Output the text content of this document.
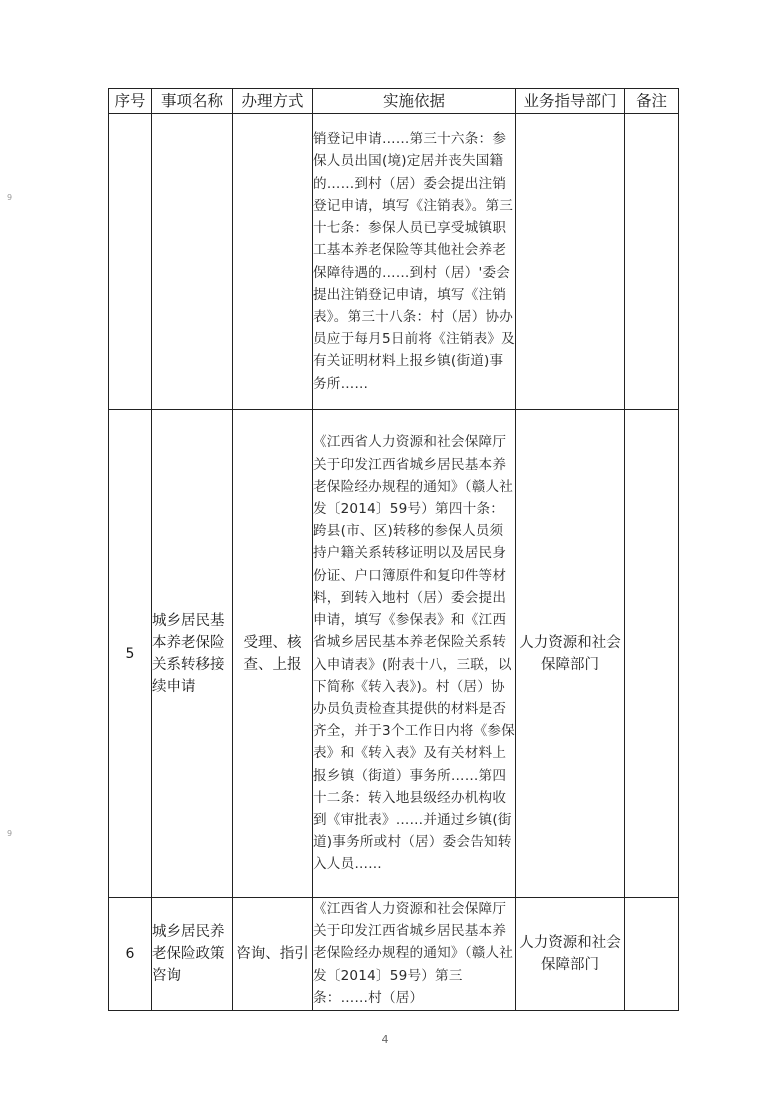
序号	事项名称	办理方式	实施依据	业务指导部门	备注
			销登记申请……第三十六条：参保人员出国(境)定居并丧失国籍的……到村（居）委会提出注销登记申请，填写《注销表》。第三十七条：参保人员已享受城镇职工基本养老保险等其他社会养老保障待遇的……到村（居）'委会提出注销登记申请，填写《注销表》。第三十八条：村（居）协办员应于每月5日前将《注销表》及有关证明材料上报乡镇(街道)事务所……		
5	城乡居民基本养老保险关系转移接续申请	受理、核查、上报	《江西省人力资源和社会保障厅关于印发江西省城乡居民基本养老保险经办规程的通知》（赣人社发〔2014〕59号）第四十条：跨县(市、区)转移的参保人员须持户籍关系转移证明以及居民身份证、户口簿原件和复印件等材料，到转入地村（居）委会提出申请，填写《参保表》和《江西省城乡居民基本养老保险关系转入申请表》(附表十八，三联，以下简称《转入表》)。村（居）协办员负责检查其提供的材料是否齐全，并于3个工作日内将《参保表》和《转入表》及有关材料上报乡镇（街道）事务所……第四十二条：转入地县级经办机构收到《审批表》……并通过乡镇(街道)事务所或村（居）委会告知转入人员……	人力资源和社会保障部门	
6	城乡居民养老保险政策咨询	咨询、指引	《江西省人力资源和社会保障厅关于印发江西省城乡居民基本养老保险经办规程的通知》（赣人社发〔2014〕59号）第三条：……村（居）	人力资源和社会保障部门	
9
9
4
